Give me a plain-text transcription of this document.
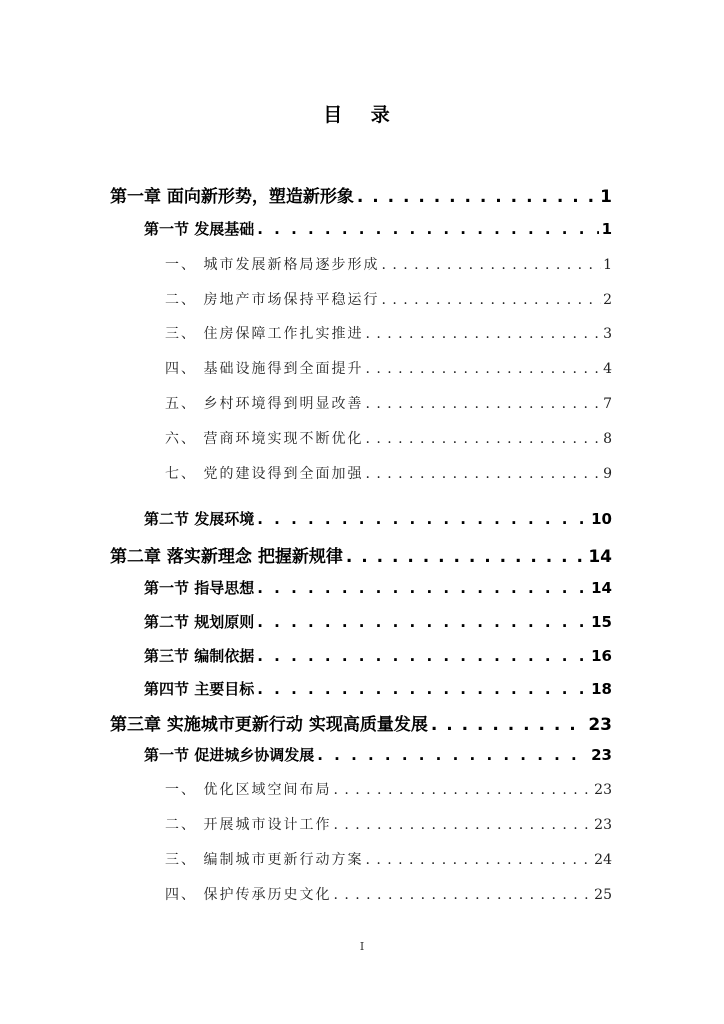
目 录
第一章 面向新形势，塑造新形象 . . .	1
第一节 发展基础 . . .	1
一、 城市发展新格局逐步形成 . . .	1
二、 房地产市场保持平稳运行 . . .	2
三、 住房保障工作扎实推进 . . .	3
四、 基础设施得到全面提升 . . .	4
五、 乡村环境得到明显改善 . . .	7
六、 营商环境实现不断优化 . . .	8
七、 党的建设得到全面加强 . . .	9
第二节 发展环境 . . .	10
第二章 落实新理念 把握新规律 . . .	14
第一节 指导思想 . . .	14
第二节 规划原则 . . .	15
第三节 编制依据 . . .	16
第四节 主要目标 . . .	18
第三章 实施城市更新行动 实现高质量发展 . . .	23
第一节 促进城乡协调发展 . . .	23
一、 优化区域空间布局 . . .	23
二、 开展城市设计工作 . . .	23
三、 编制城市更新行动方案 . . .	24
四、 保护传承历史文化 . . .	25
I
